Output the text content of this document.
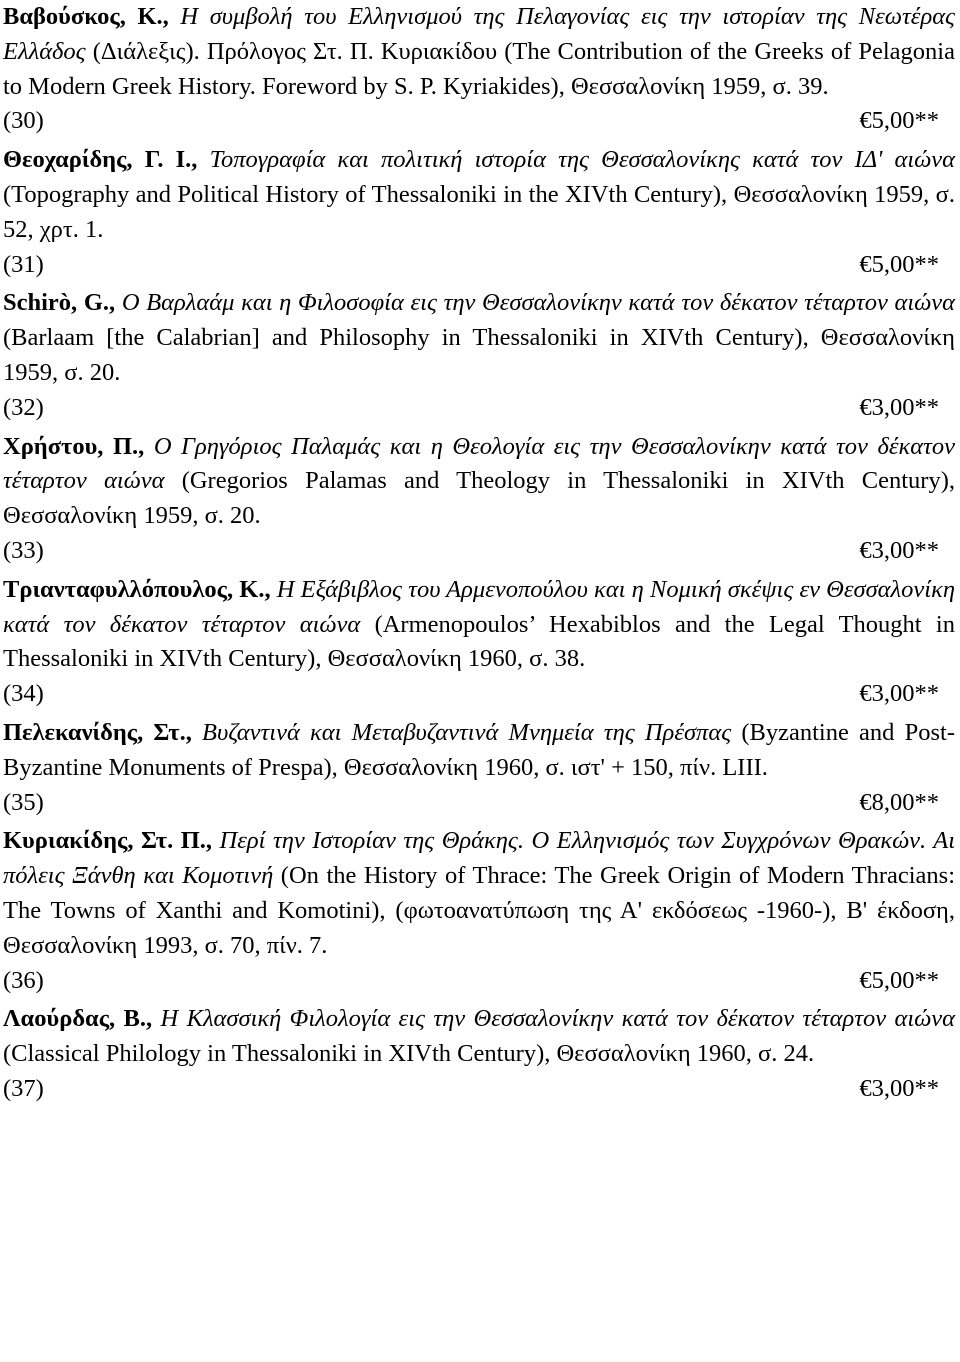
Βαβούσκος, Κ., Η συμβολή του Ελληνισμού της Πελαγονίας εις την ιστορίαν της Νεωτέρας Ελλάδος (Διάλεξις). Πρόλογος Στ. Π. Κυριακίδου (The Contribution of the Greeks of Pelagonia to Modern Greek History. Foreword by S. P. Kyriakides), Θεσσαλονίκη 1959, σ. 39.

(30)	€5,00**

Θεοχαρίδης, Γ. Ι., Τοπογραφία και πολιτική ιστορία της Θεσσαλονίκης κατά τον ΙΔ' αιώνα (Topography and Political History of Thessaloniki in the XIVth Century), Θεσσαλονίκη 1959, σ. 52, χρτ. 1.

(31)	€5,00**

Schirò, G., Ο Βαρλαάμ και η Φιλοσοφία εις την Θεσσαλονίκην κατά τον δέκατον τέταρτον αιώνα (Barlaam [the Calabrian] and Philosophy in Thessaloniki in XIVth Century), Θεσσαλονίκη 1959, σ. 20.

(32)	€3,00**

Χρήστου, Π., Ο Γρηγόριος Παλαμάς και η Θεολογία εις την Θεσσαλονίκην κατά τον δέκατον τέταρτον αιώνα (Gregorios Palamas and Theology in Thessaloniki in XIVth Century), Θεσσαλονίκη 1959, σ. 20.

(33)	€3,00**

Τριανταφυλλόπουλος, Κ., Η Εξάβιβλος του Αρμενοπούλου και η Νομική σκέψις εν Θεσσαλονίκη κατά τον δέκατον τέταρτον αιώνα (Armenopoulos’ Hexabiblos and the Legal Thought in Thessaloniki in XIVth Century), Θεσσαλονίκη 1960, σ. 38.

(34)	€3,00**

Πελεκανίδης, Στ., Βυζαντινά και Μεταβυζαντινά Μνημεία της Πρέσπας (Byzantine and Post-Byzantine Monuments of Prespa), Θεσσαλονίκη 1960, σ. ιστ' + 150, πίν. LIII.

(35)	€8,00**

Κυριακίδης, Στ. Π., Περί την Ιστορίαν της Θράκης. Ο Ελληνισμός των Συγχρόνων Θρακών. Αι πόλεις Ξάνθη και Κομοτινή (On the History of Thrace: The Greek Origin of Modern Thracians: The Towns of Xanthi and Komotini), (φωτοανατύπωση της Α' εκδόσεως -1960-), Β' έκδοση, Θεσσαλονίκη 1993, σ. 70, πίν. 7.

(36)	€5,00**

Λαούρδας, Β., Η Κλασσική Φιλολογία εις την Θεσσαλονίκην κατά τον δέκατον τέταρτον αιώνα (Classical Philology in Thessaloniki in XIVth Century), Θεσσαλονίκη 1960, σ. 24.

(37)	€3,00**
